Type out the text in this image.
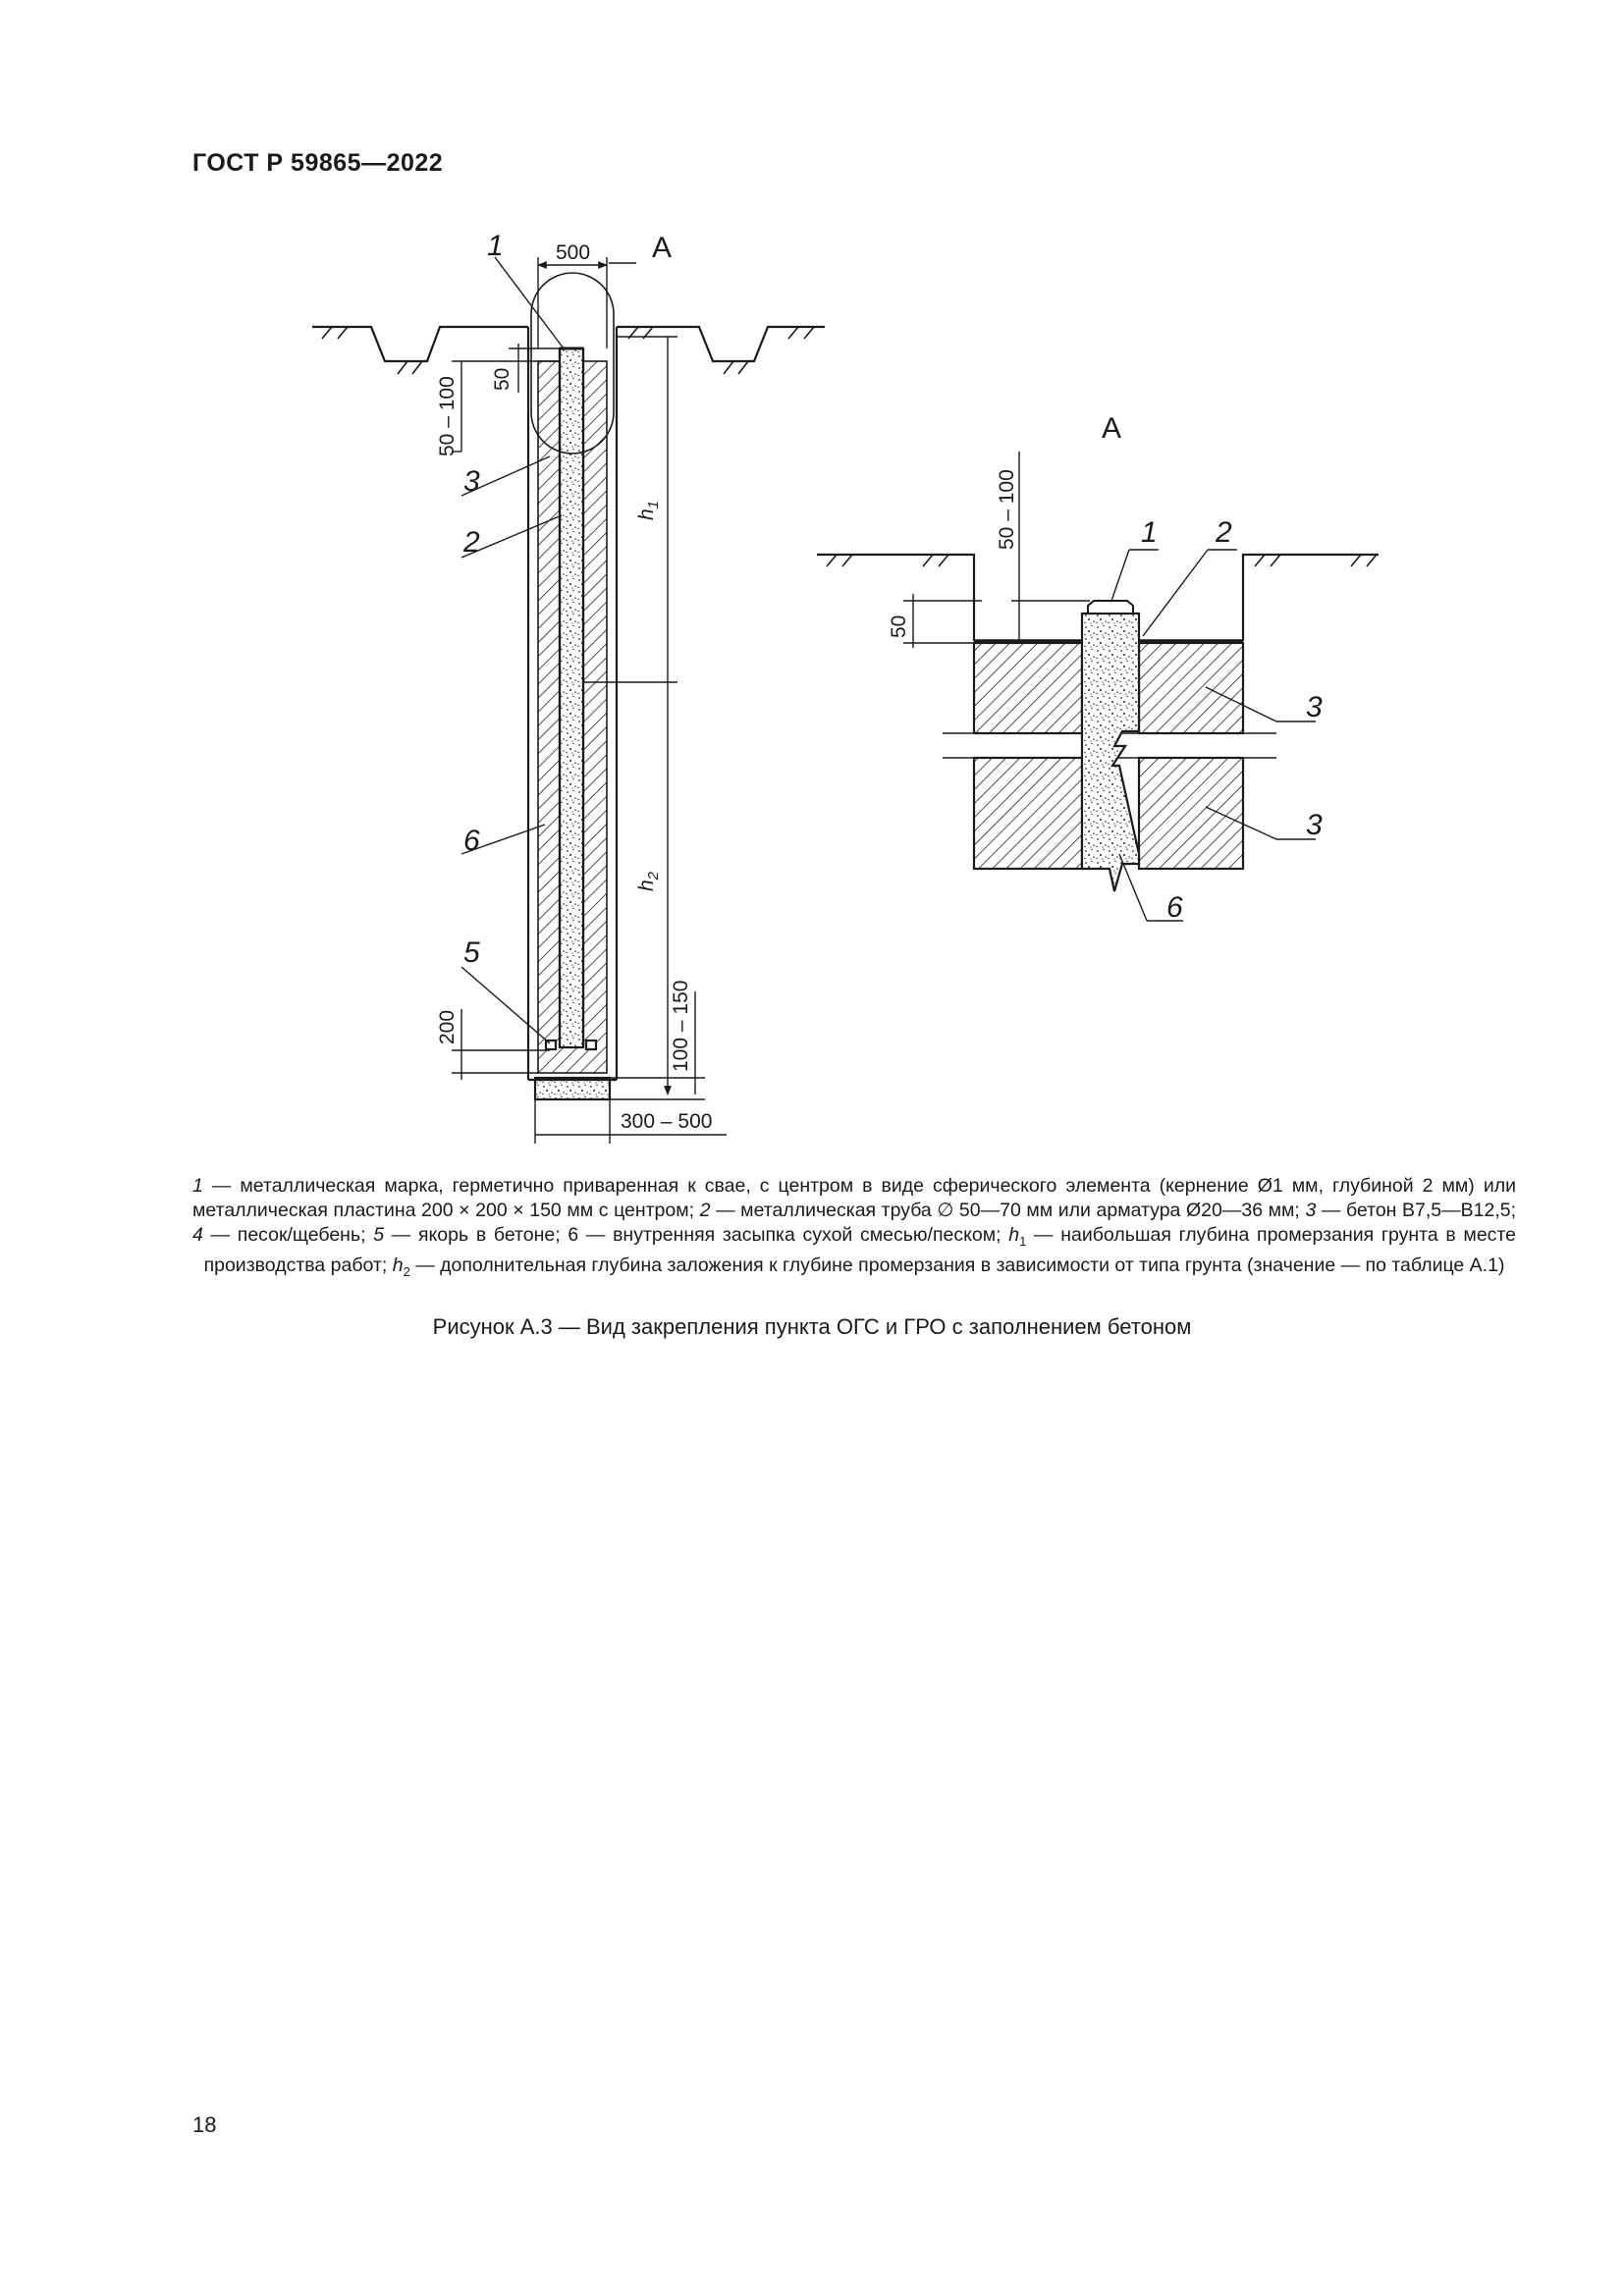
ГОСТ Р 59865—2022
500
50 – 100 50
$h_1$
$h_2$
100 – 150
200
300 – 500
1
3
2
6
5
А
А
50 – 100
50
1 2
3
3
6
1 — металлическая марка, герметично приваренная к свае, с центром в виде сферического элемента (кернение Ø1 мм, глубиной 2 мм) или металлическая пластина 200 × 200 × 150 мм с центром; 2 — металлическая труба ∅ 50—70 мм или арматура Ø20—36 мм; 3 — бетон В7,5—В12,5; 4 — песок/щебень; 5 — якорь в бетоне; 6 — внутренняя засыпка сухой смесью/песком; $h_1$ — наибольшая глубина промерзания грунта в месте производства работ; $h_2$ — дополнительная глубина заложения к глубине промерзания в зависимости от типа грунта (значение — по таблице А.1)
Рисунок А.3 — Вид закрепления пункта ОГС и ГРО с заполнением бетоном
18
